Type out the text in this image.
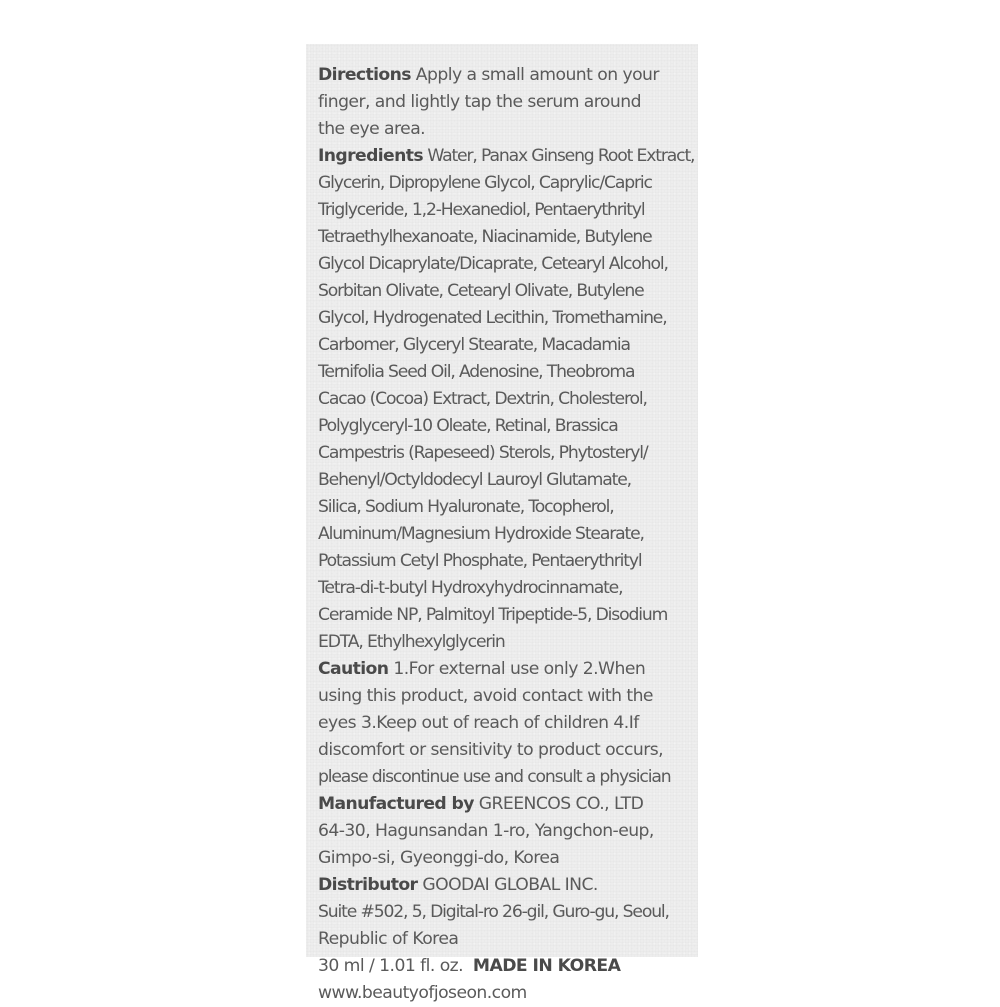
Directions Apply a small amount on your
finger, and lightly tap the serum around
the eye area.
Ingredients Water, Panax Ginseng Root Extract,
Glycerin, Dipropylene Glycol, Caprylic/Capric
Triglyceride, 1,2-Hexanediol, Pentaerythrityl
Tetraethylhexanoate, Niacinamide, Butylene
Glycol Dicaprylate/Dicaprate, Cetearyl Alcohol,
Sorbitan Olivate, Cetearyl Olivate, Butylene
Glycol, Hydrogenated Lecithin, Tromethamine,
Carbomer, Glyceryl Stearate, Macadamia
Ternifolia Seed Oil, Adenosine, Theobroma
Cacao (Cocoa) Extract, Dextrin, Cholesterol,
Polyglyceryl-10 Oleate, Retinal, Brassica
Campestris (Rapeseed) Sterols, Phytosteryl/
Behenyl/Octyldodecyl Lauroyl Glutamate,
Silica, Sodium Hyaluronate, Tocopherol,
Aluminum/Magnesium Hydroxide Stearate,
Potassium Cetyl Phosphate, Pentaerythrityl
Tetra-di-t-butyl Hydroxyhydrocinnamate,
Ceramide NP, Palmitoyl Tripeptide-5, Disodium
EDTA, Ethylhexylglycerin
Caution 1.For external use only 2.When
using this product, avoid contact with the
eyes 3.Keep out of reach of children 4.If
discomfort or sensitivity to product occurs,
please discontinue use and consult a physician
Manufactured by GREENCOS CO., LTD
64-30, Hagunsandan 1-ro, Yangchon-eup,
Gimpo-si, Gyeonggi-do, Korea
Distributor GOODAI GLOBAL INC.
Suite #502, 5, Digital-ro 26-gil, Guro-gu, Seoul,
Republic of Korea
30 ml / 1.01 fl. oz. MADE IN KOREA
www.beautyofjoseon.com
